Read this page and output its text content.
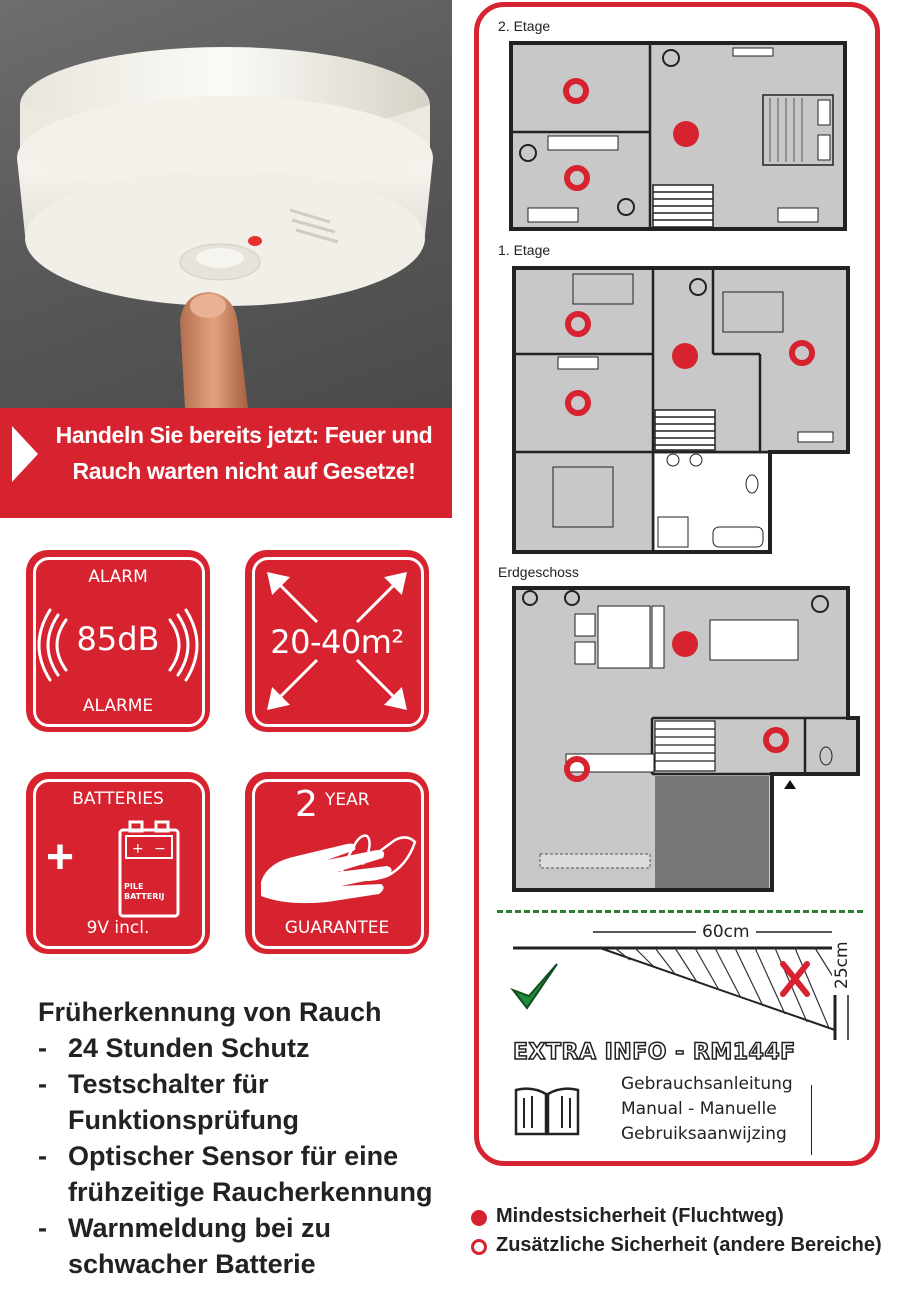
Handeln Sie bereits jetzt: Feuer und
Rauch warten nicht auf Gesetze!
ALARM
85dB
ALARME
20-40m²
BATTERIES
+	+ −
PILE
BATTERIJ
9V incl.
2 YEAR
GUARANTEE
Früherkennung von Rauch
- 24 Stunden Schutz
- Testschalter für
Funktionsprüfung
- Optischer Sensor für eine
frühzeitige Raucherkennung
- Warnmeldung bei zu
schwacher Batterie
2. Etage
1. Etage
Erdgeschoss
60cm
25cm
EXTRA INFO - RM144F
Gebrauchsanleitung
Manual - Manuelle
Gebruiksaanwijzing
Mindestsicherheit (Fluchtweg)
Zusätzliche Sicherheit (andere Bereiche)
